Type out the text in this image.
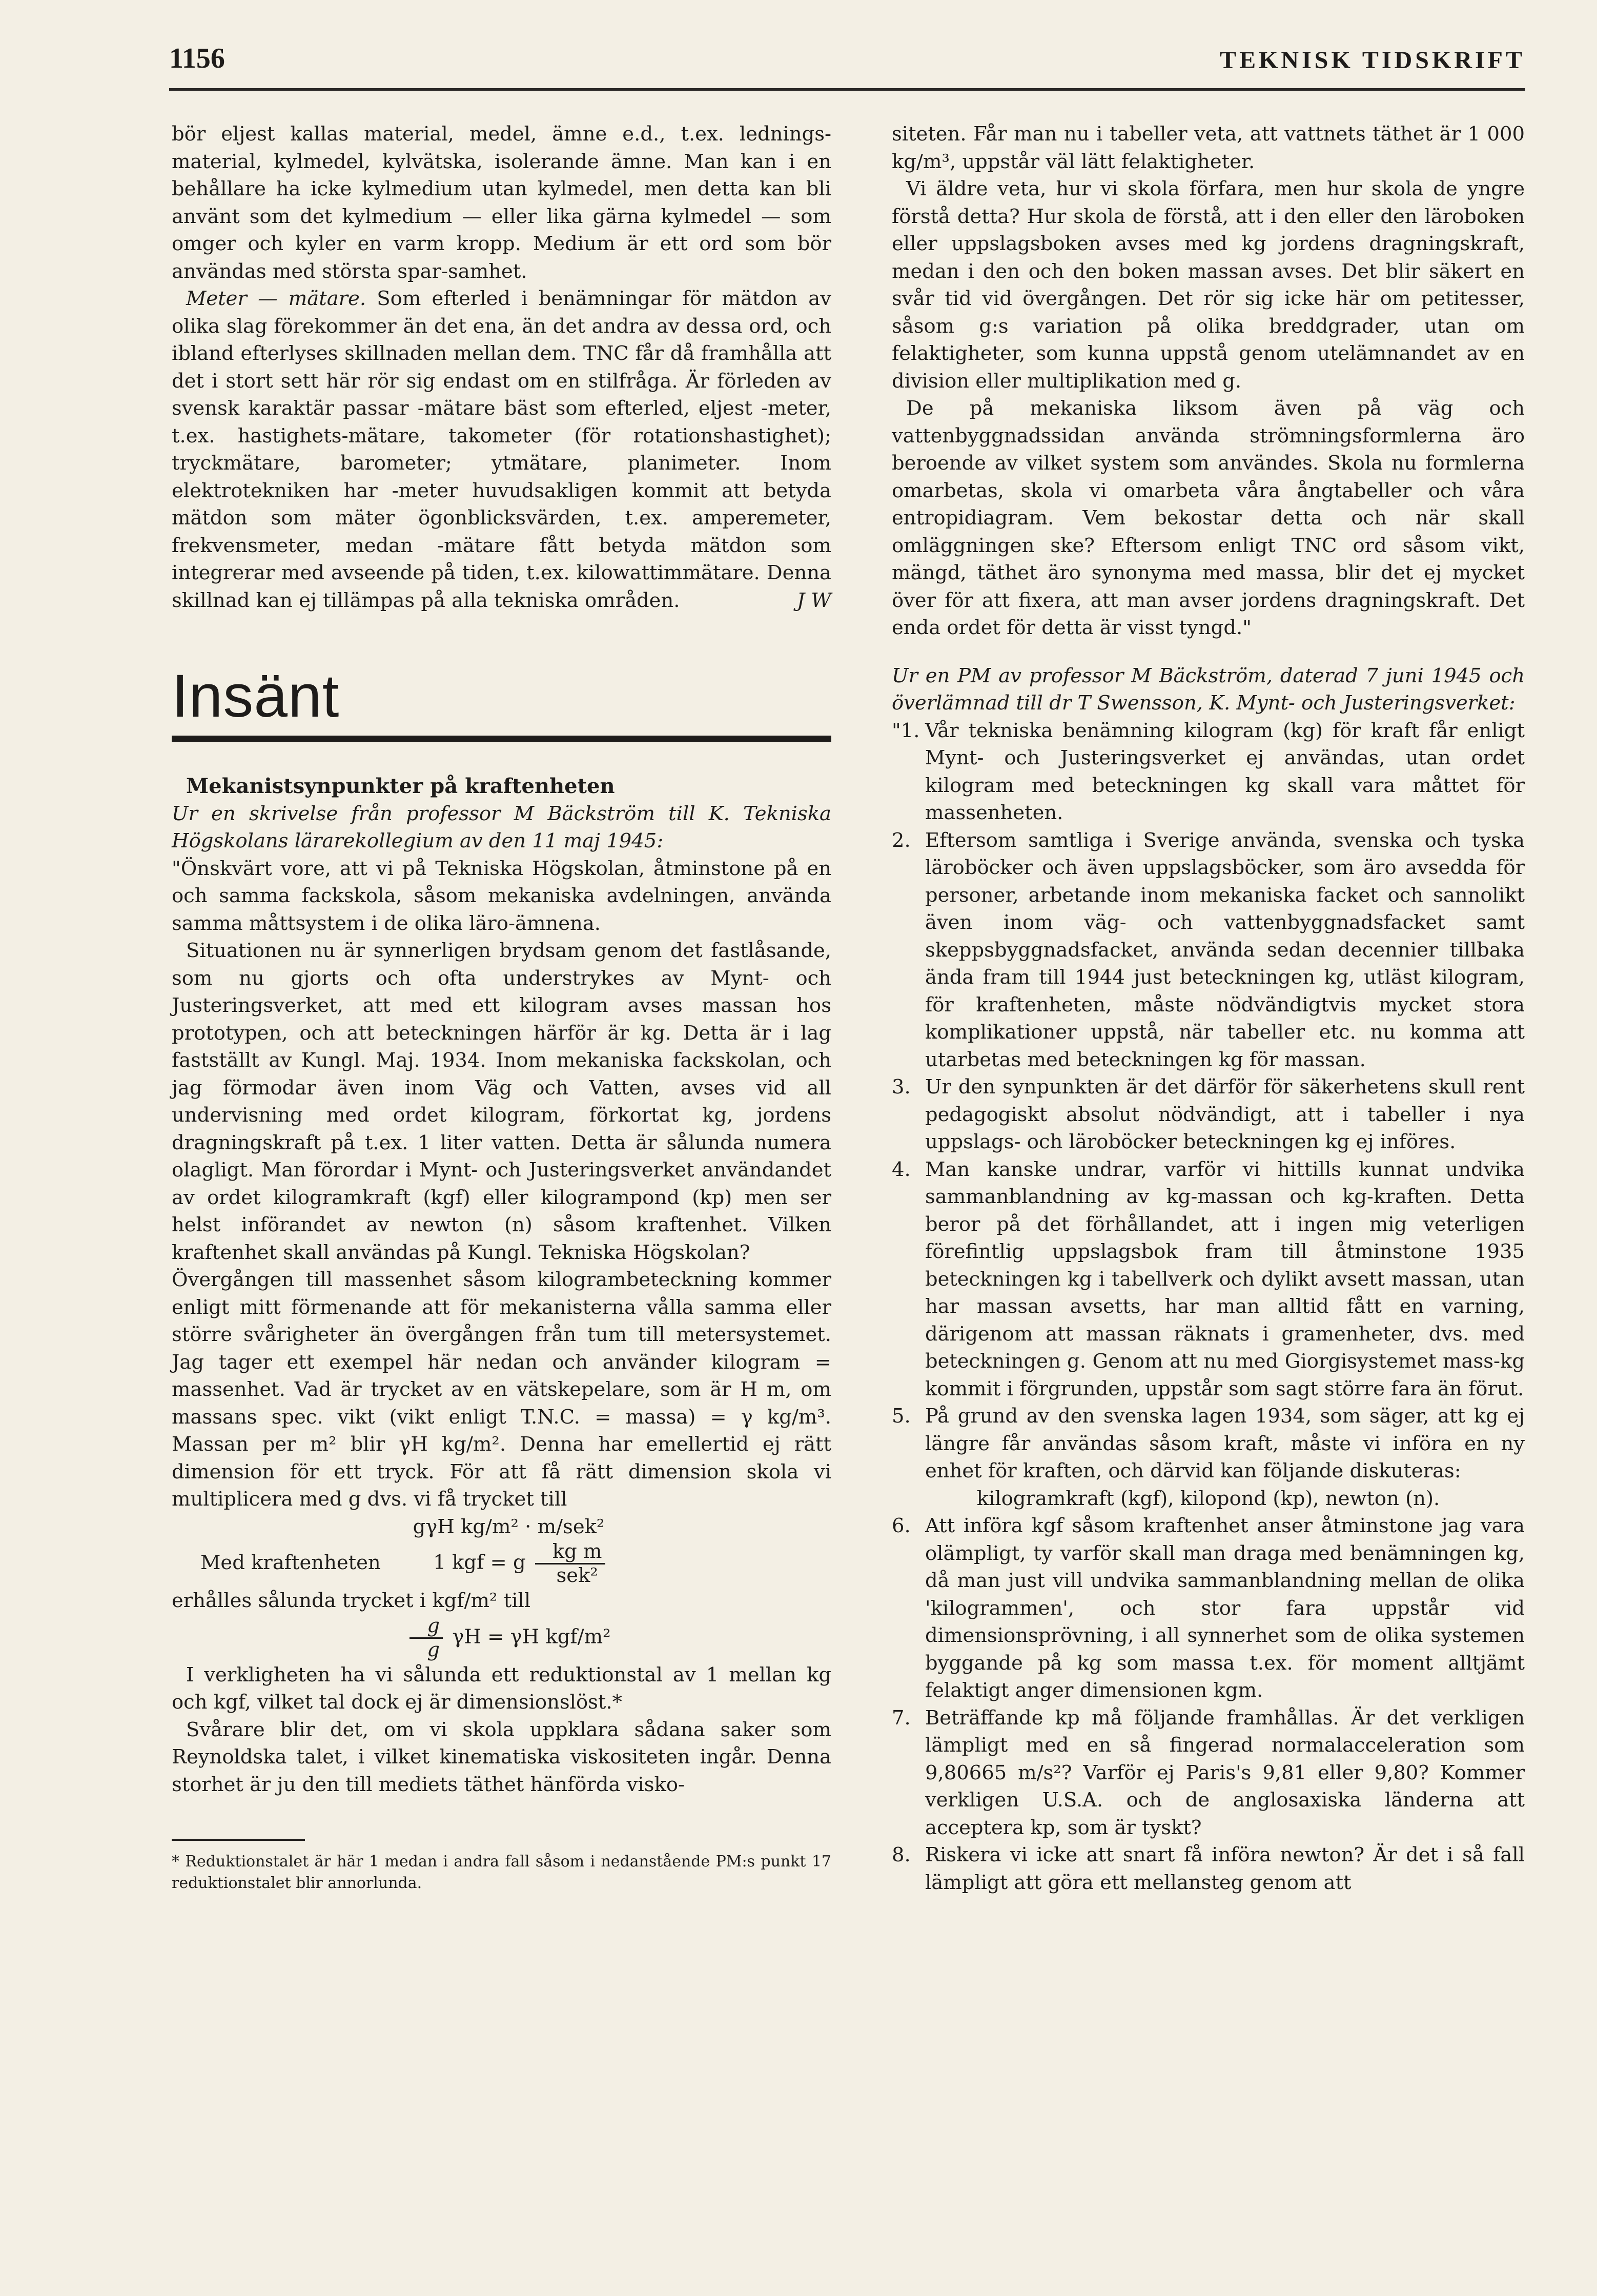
1156	TEKNISK TIDSKRIFT

bör eljest kallas material, medel, ämne e.d., t.ex. lednings-material, kylmedel, kylvätska, isolerande ämne. Man kan i en behållare ha icke kylmedium utan kylmedel, men detta kan bli använt som det kylmedium — eller lika gärna kylmedel — som omger och kyler en varm kropp. Medium är ett ord som bör användas med största spar-samhet.

Meter — mätare. Som efterled i benämningar för mätdon av olika slag förekommer än det ena, än det andra av dessa ord, och ibland efterlyses skillnaden mellan dem. TNC får då framhålla att det i stort sett här rör sig endast om en stilfråga. Är förleden av svensk karaktär passar -mätare bäst som efterled, eljest -meter, t.ex. hastighets-mätare, takometer (för rotationshastighet); tryckmätare, barometer; ytmätare, planimeter. Inom elektrotekniken har -meter huvudsakligen kommit att betyda mätdon som mäter ögonblicksvärden, t.ex. amperemeter, frekvensmeter, medan -mätare fått betyda mätdon som integrerar med avseende på tiden, t.ex. kilowattimmätare. Denna skillnad kan ej tillämpas på alla tekniska områden.	J W

Insänt

Mekanistsynpunkter på kraftenheten

Ur en skrivelse från professor M Bäckström till K. Tekniska Högskolans lärarekollegium av den 11 maj 1945:

"Önskvärt vore, att vi på Tekniska Högskolan, åtminstone på en och samma fackskola, såsom mekaniska avdelningen, använda samma måttsystem i de olika läro-ämnena.

Situationen nu är synnerligen brydsam genom det fastlåsande, som nu gjorts och ofta understrykes av Mynt- och Justeringsverket, att med ett kilogram avses massan hos prototypen, och att beteckningen härför är kg. Detta är i lag fastställt av Kungl. Maj. 1934. Inom mekaniska fackskolan, och jag förmodar även inom Väg och Vatten, avses vid all undervisning med ordet kilogram, förkortat kg, jordens dragningskraft på t.ex. 1 liter vatten. Detta är sålunda numera olagligt. Man förordar i Mynt- och Justeringsverket användandet av ordet kilogramkraft (kgf) eller kilogrampond (kp) men ser helst införandet av newton (n) såsom kraftenhet. Vilken kraftenhet skall användas på Kungl. Tekniska Högskolan?

Övergången till massenhet såsom kilogrambeteckning kommer enligt mitt förmenande att för mekanisterna vålla samma eller större svårigheter än övergången från tum till metersystemet. Jag tager ett exempel här nedan och använder kilogram = massenhet. Vad är trycket av en vätskepelare, som är H m, om massans spec. vikt (vikt enligt T.N.C. = massa) = γ kg/m³. Massan per m² blir γH kg/m². Denna har emellertid ej rätt dimension för ett tryck. För att få rätt dimension skola vi multiplicera med g dvs. vi få trycket till

gγH kg/m² · m/sek²

Med kraftenheten	1 kgf = g $\frac{\text{kg m}}{\text{sek²}}$

erhålles sålunda trycket i kgf/m² till

$\frac{g}{g}$ γH = γH kgf/m²

I verkligheten ha vi sålunda ett reduktionstal av 1 mellan kg och kgf, vilket tal dock ej är dimensionslöst.*

Svårare blir det, om vi skola uppklara sådana saker som Reynoldska talet, i vilket kinematiska viskositeten ingår. Denna storhet är ju den till mediets täthet hänförda visko-

* Reduktionstalet är här 1 medan i andra fall såsom i nedanstående PM:s punkt 17 reduktionstalet blir annorlunda.

siteten. Får man nu i tabeller veta, att vattnets täthet är 1 000 kg/m³, uppstår väl lätt felaktigheter.

Vi äldre veta, hur vi skola förfara, men hur skola de yngre förstå detta? Hur skola de förstå, att i den eller den läroboken eller uppslagsboken avses med kg jordens dragningskraft, medan i den och den boken massan avses. Det blir säkert en svår tid vid övergången. Det rör sig icke här om petitesser, såsom g:s variation på olika breddgrader, utan om felaktigheter, som kunna uppstå genom utelämnandet av en division eller multiplikation med g.

De på mekaniska liksom även på väg och vattenbyggnadssidan använda strömningsformlerna äro beroende av vilket system som användes. Skola nu formlerna omarbetas, skola vi omarbeta våra ångtabeller och våra entropidiagram. Vem bekostar detta och när skall omläggningen ske? Eftersom enligt TNC ord såsom vikt, mängd, täthet äro synonyma med massa, blir det ej mycket över för att fixera, att man avser jordens dragningskraft. Det enda ordet för detta är visst tyngd."

Ur en PM av professor M Bäckström, daterad 7 juni 1945 och överlämnad till dr T Swensson, K. Mynt- och Justeringsverket:

"1. Vår tekniska benämning kilogram (kg) för kraft får enligt Mynt- och Justeringsverket ej användas, utan ordet kilogram med beteckningen kg skall vara måttet för massenheten.
2. Eftersom samtliga i Sverige använda, svenska och tyska läroböcker och även uppslagsböcker, som äro avsedda för personer, arbetande inom mekaniska facket och sannolikt även inom väg- och vattenbyggnadsfacket samt skeppsbyggnadsfacket, använda sedan decennier tillbaka ända fram till 1944 just beteckningen kg, utläst kilogram, för kraftenheten, måste nödvändigtvis mycket stora komplikationer uppstå, när tabeller etc. nu komma att utarbetas med beteckningen kg för massan.
3. Ur den synpunkten är det därför för säkerhetens skull rent pedagogiskt absolut nödvändigt, att i tabeller i nya uppslags- och läroböcker beteckningen kg ej införes.
4. Man kanske undrar, varför vi hittills kunnat undvika sammanblandning av kg-massan och kg-kraften. Detta beror på det förhållandet, att i ingen mig veterligen förefintlig uppslagsbok fram till åtminstone 1935 beteckningen kg i tabellverk och dylikt avsett massan, utan har massan avsetts, har man alltid fått en varning, därigenom att massan räknats i gramenheter, dvs. med beteckningen g. Genom att nu med Giorgisystemet mass-kg kommit i förgrunden, uppstår som sagt större fara än förut.
5. På grund av den svenska lagen 1934, som säger, att kg ej längre får användas såsom kraft, måste vi införa en ny enhet för kraften, och därvid kan följande diskuteras:

kilogramkraft (kgf), kilopond (kp), newton (n).

6. Att införa kgf såsom kraftenhet anser åtminstone jag vara olämpligt, ty varför skall man draga med benämningen kg, då man just vill undvika sammanblandning mellan de olika 'kilogrammen', och stor fara uppstår vid dimensionsprövning, i all synnerhet som de olika systemen byggande på kg som massa t.ex. för moment alltjämt felaktigt anger dimensionen kgm.
7. Beträffande kp må följande framhållas. Är det verkligen lämpligt med en så fingerad normalacceleration som 9,80665 m/s²? Varför ej Paris's 9,81 eller 9,80? Kommer verkligen U.S.A. och de anglosaxiska länderna att acceptera kp, som är tyskt?
8. Riskera vi icke att snart få införa newton? Är det i så fall lämpligt att göra ett mellansteg genom att
